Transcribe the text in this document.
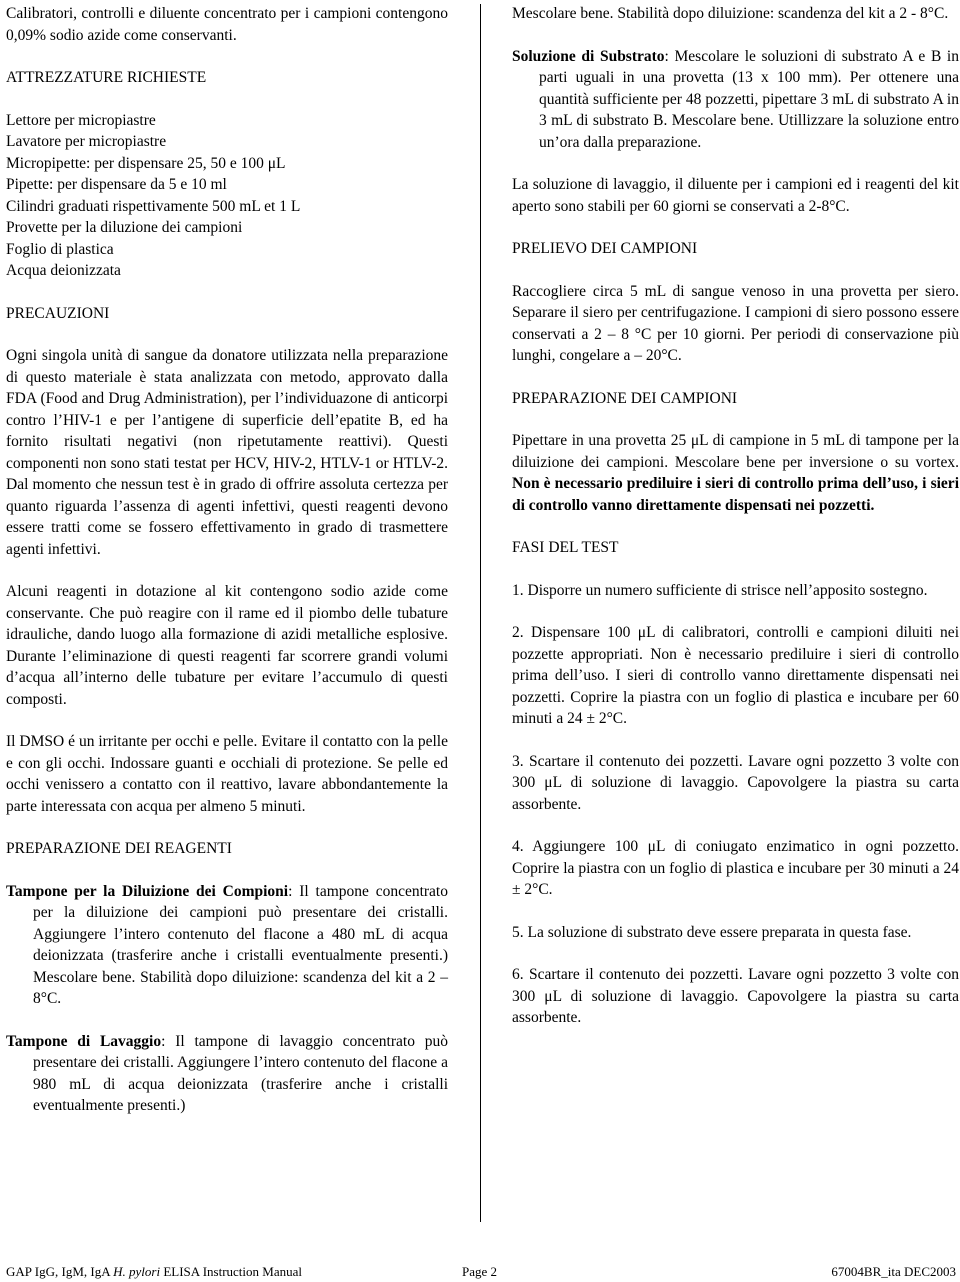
Calibratori, controlli e diluente concentrato per i campioni contengono 0,09% sodio azide come conservanti.

ATTREZZATURE RICHIESTE

Lettore per micropiastre

Lavatore per micropiastre

Micropipette: per dispensare 25, 50 e 100 μL

Pipette: per dispensare da 5 e 10 ml

Cilindri graduati rispettivamente 500 mL et 1 L

Provette per la diluzione dei campioni

Foglio di plastica

Acqua deionizzata

PRECAUZIONI

Ogni singola unità di sangue da donatore utilizzata nella preparazione di questo materiale è stata analizzata con metodo, approvato dalla FDA (Food and Drug Administration), per l’individuazone di anticorpi contro l’HIV-1 e per l’antigene di superficie dell’epatite B, ed ha fornito risultati negativi (non ripetutamente reattivi). Questi componenti non sono stati testat per HCV, HIV-2, HTLV-1 or HTLV-2. Dal momento che nessun test è in grado di offrire assoluta certezza per quanto riguarda l’assenza di agenti infettivi, questi reagenti devono essere tratti come se fossero effettivamento in grado di trasmettere agenti infettivi.

Alcuni reagenti in dotazione al kit contengono sodio azide come conservante. Che può reagire con il rame ed il piombo delle tubature idrauliche, dando luogo alla formazione di azidi metalliche esplosive. Durante l’eliminazione di questi reagenti far scorrere grandi volumi d’acqua all’interno delle tubature per evitare l’accumulo di questi composti.

Il DMSO é un irritante per occhi e pelle. Evitare il contatto con la pelle e con gli occhi. Indossare guanti e occhiali di protezione. Se pelle ed occhi venissero a contatto con il reattivo, lavare abbondantemente la parte interessata con acqua per almeno 5 minuti.

PREPARAZIONE DEI REAGENTI

Tampone per la Diluizione dei Compioni: Il tampone concentrato per la diluizione dei campioni può presentare dei cristalli. Aggiungere l’intero contenuto del flacone a 480 mL di acqua deionizzata (trasferire anche i cristalli eventualmente presenti.) Mescolare bene. Stabilità dopo diluizione: scandenza del kit a 2 – 8°C.

Tampone di Lavaggio: Il tampone di lavaggio concentrato può presentare dei cristalli. Aggiungere l’intero contenuto del flacone a 980 mL di acqua deionizzata (trasferire anche i cristalli eventualmente presenti.)

Mescolare bene. Stabilità dopo diluizione: scandenza del kit a 2 - 8°C.

Soluzione di Substrato: Mescolare le soluzioni di substrato A e B in parti uguali in una provetta (13 x 100 mm). Per ottenere una quantità sufficiente per 48 pozzetti, pipettare 3 mL di substrato A in 3 mL di substrato B. Mescolare bene. Utillizzare la soluzione entro un’ora dalla preparazione.

La soluzione di lavaggio, il diluente per i campioni ed i reagenti del kit aperto sono stabili per 60 giorni se conservati a 2-8°C.

PRELIEVO DEI CAMPIONI

Raccogliere circa 5 mL di sangue venoso in una provetta per siero. Separare il siero per centrifugazione. I campioni di siero possono essere conservati a 2 – 8 °C per 10 giorni. Per periodi di conservazione più lunghi, congelare a – 20°C.

PREPARAZIONE DEI CAMPIONI

Pipettare in una provetta 25 μL di campione in 5 mL di tampone per la diluizione dei campioni. Mescolare bene per inversione o su vortex. Non è necessario prediluire i sieri di controllo prima dell’uso, i sieri di controllo vanno direttamente dispensati nei pozzetti.

FASI DEL TEST

1. Disporre un numero sufficiente di strisce nell’apposito sostegno.

2. Dispensare 100 μL di calibratori, controlli e campioni diluiti nei pozzette appropriati. Non è necessario prediluire i sieri di controllo prima dell’uso. I sieri di controllo vanno direttamente dispensati nei pozzetti. Coprire la piastra con un foglio di plastica e incubare per 60 minuti a 24 ± 2°C.

3. Scartare il contenuto dei pozzetti. Lavare ogni pozzetto 3 volte con 300 μL di soluzione di lavaggio. Capovolgere la piastra su carta assorbente.

4. Aggiungere 100 μL di coniugato enzimatico in ogni pozzetto. Coprire la piastra con un foglio di plastica e incubare per 30 minuti a 24 ± 2°C.

5. La soluzione di substrato deve essere preparata in questa fase.

6. Scartare il contenuto dei pozzetti. Lavare ogni pozzetto 3 volte con 300 μL di soluzione di lavaggio. Capovolgere la piastra su carta assorbente.

GAP IgG, IgM, IgA H. pylori ELISA Instruction Manual	Page 2	67004BR_ita DEC2003
